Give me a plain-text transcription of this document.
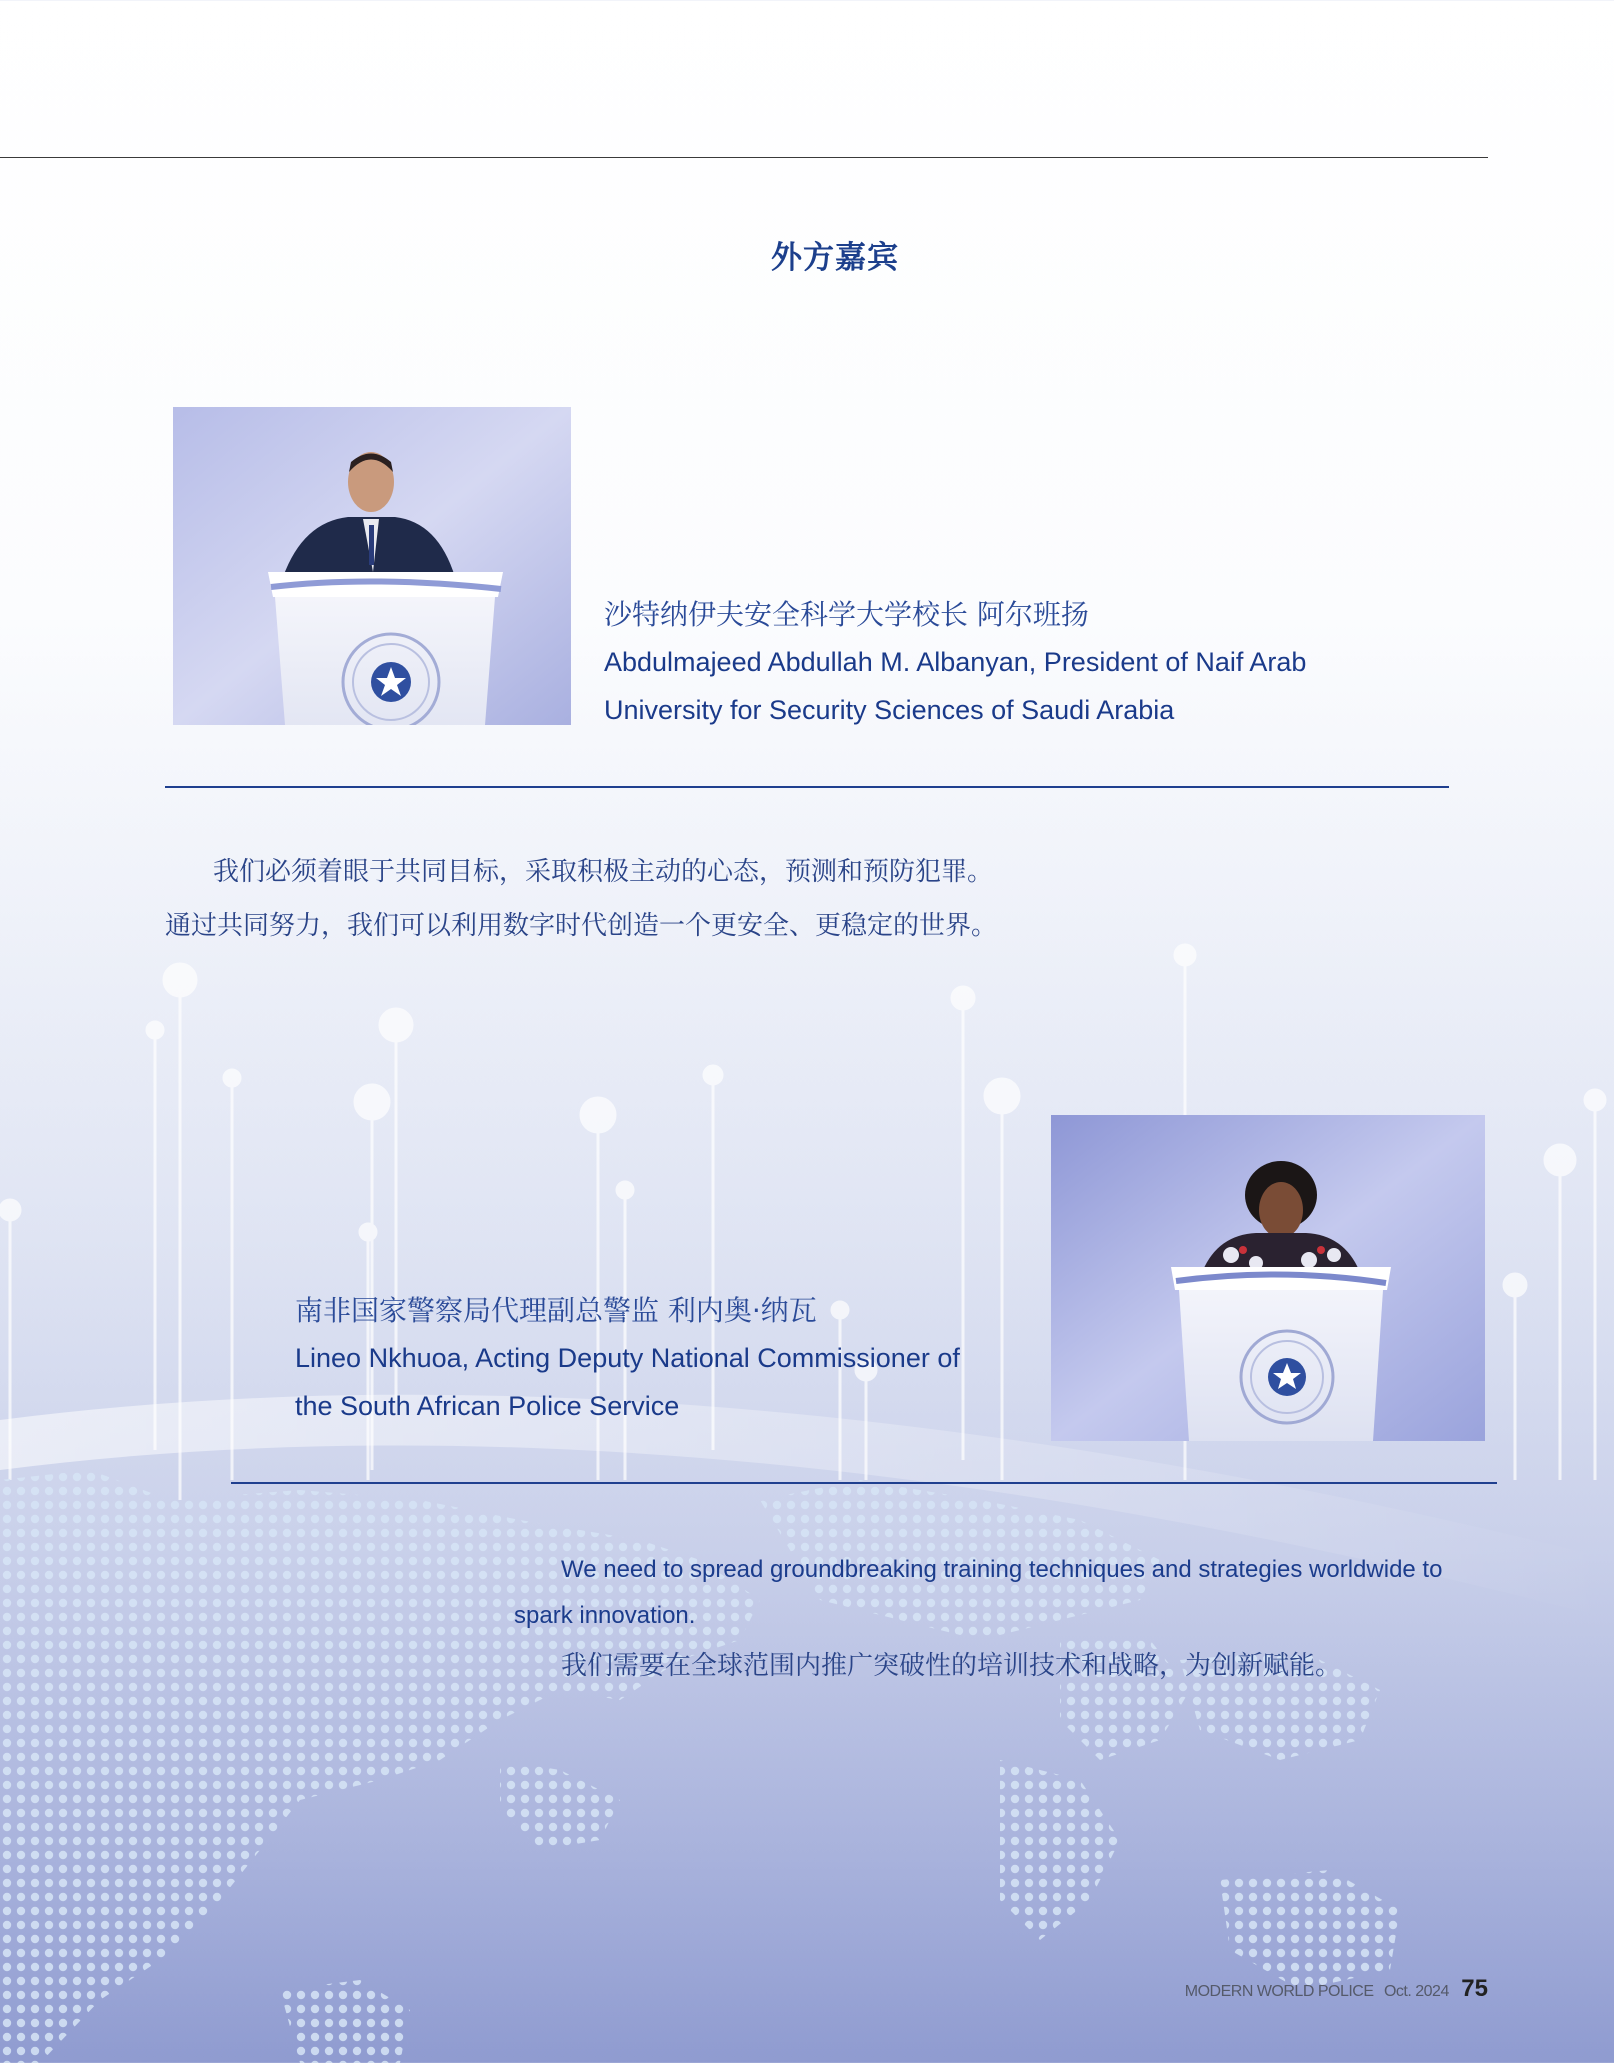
外方嘉宾
沙特纳伊夫安全科学大学校长 阿尔班扬
Abdulmajeed Abdullah M. Albanyan, President of Naif Arab
University for Security Sciences of Saudi Arabia
我们必须着眼于共同目标，采取积极主动的心态，预测和预防犯罪。
通过共同努力，我们可以利用数字时代创造一个更安全、更稳定的世界。
南非国家警察局代理副总警监 利内奥·纳瓦
Lineo Nkhuoa, Acting Deputy National Commissioner of
the South African Police Service
We need to spread groundbreaking training techniques and strategies worldwide to
spark innovation.
我们需要在全球范围内推广突破性的培训技术和战略，为创新赋能。
MODERN WORLD POLICE Oct. 2024 75
